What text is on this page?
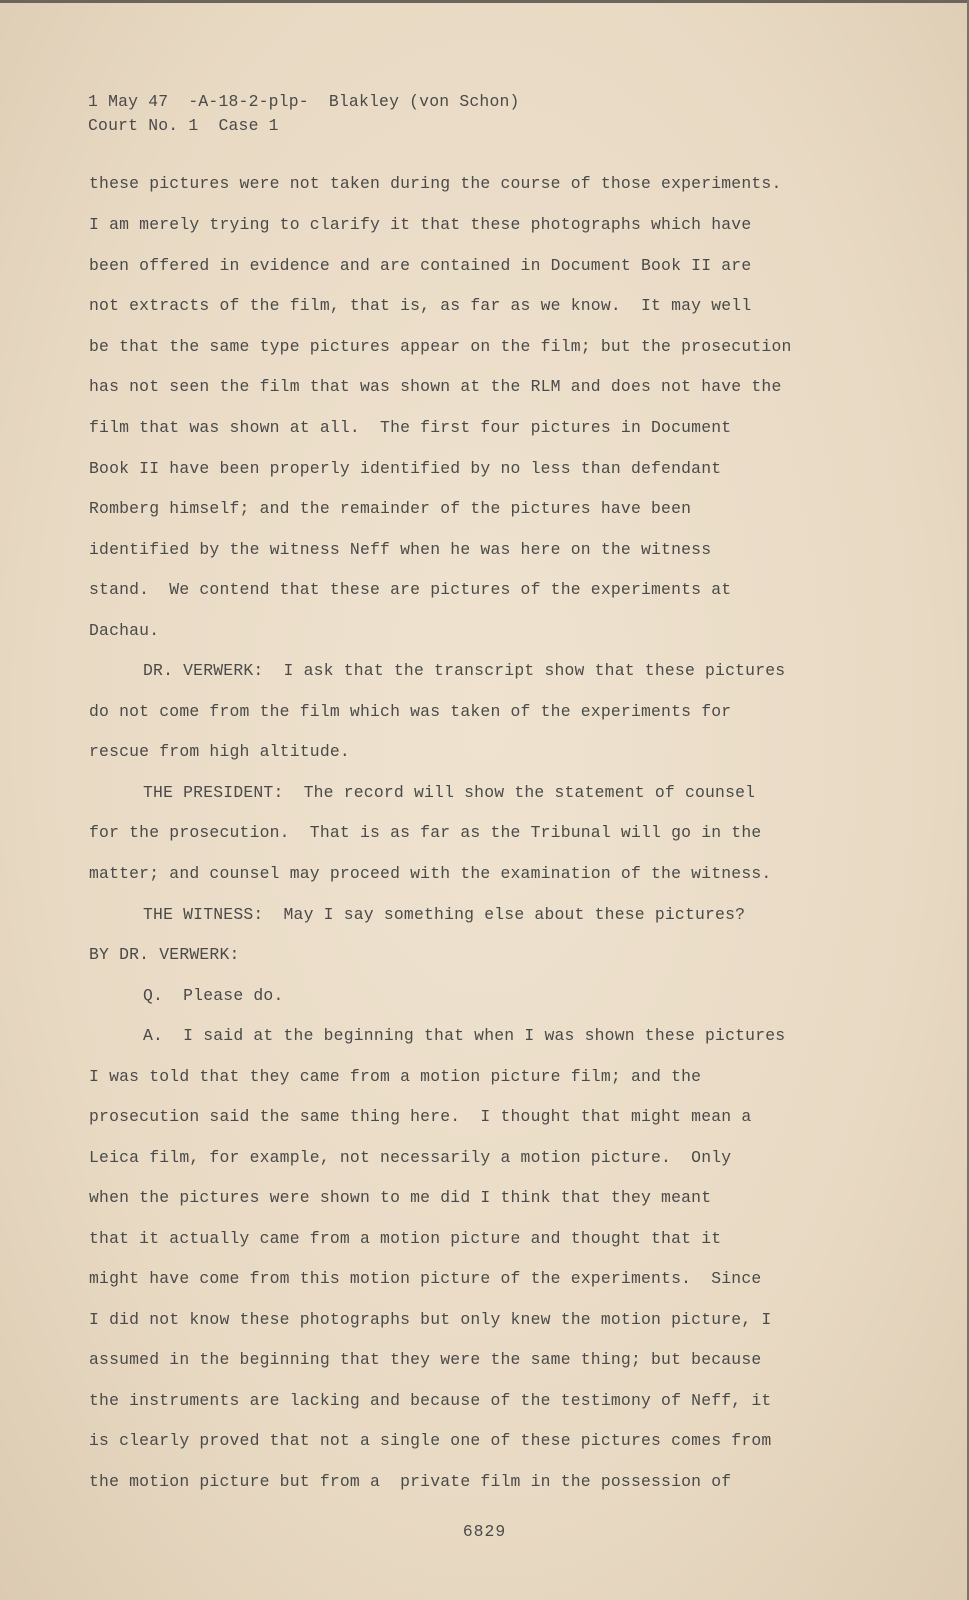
1 May 47  -A-18-2-plp-  Blakley (von Schon)
Court No. 1  Case 1
these pictures were not taken during the course of those experiments.
I am merely trying to clarify it that these photographs which have
been offered in evidence and are contained in Document Book II are
not extracts of the film, that is, as far as we know.  It may well
be that the same type pictures appear on the film; but the prosecution
has not seen the film that was shown at the RLM and does not have the
film that was shown at all.  The first four pictures in Document
Book II have been properly identified by no less than defendant
Romberg himself; and the remainder of the pictures have been
identified by the witness Neff when he was here on the witness
stand.  We contend that these are pictures of the experiments at
Dachau.
DR. VERWERK:  I ask that the transcript show that these pictures
do not come from the film which was taken of the experiments for
rescue from high altitude.
THE PRESIDENT:  The record will show the statement of counsel
for the prosecution.  That is as far as the Tribunal will go in the
matter; and counsel may proceed with the examination of the witness.
THE WITNESS:  May I say something else about these pictures?
BY DR. VERWERK:
Q.  Please do.
A.  I said at the beginning that when I was shown these pictures
I was told that they came from a motion picture film; and the
prosecution said the same thing here.  I thought that might mean a
Leica film, for example, not necessarily a motion picture.  Only
when the pictures were shown to me did I think that they meant
that it actually came from a motion picture and thought that it
might have come from this motion picture of the experiments.  Since
I did not know these photographs but only knew the motion picture, I
assumed in the beginning that they were the same thing; but because
the instruments are lacking and because of the testimony of Neff, it
is clearly proved that not a single one of these pictures comes from
the motion picture but from a  private film in the possession of
6829
